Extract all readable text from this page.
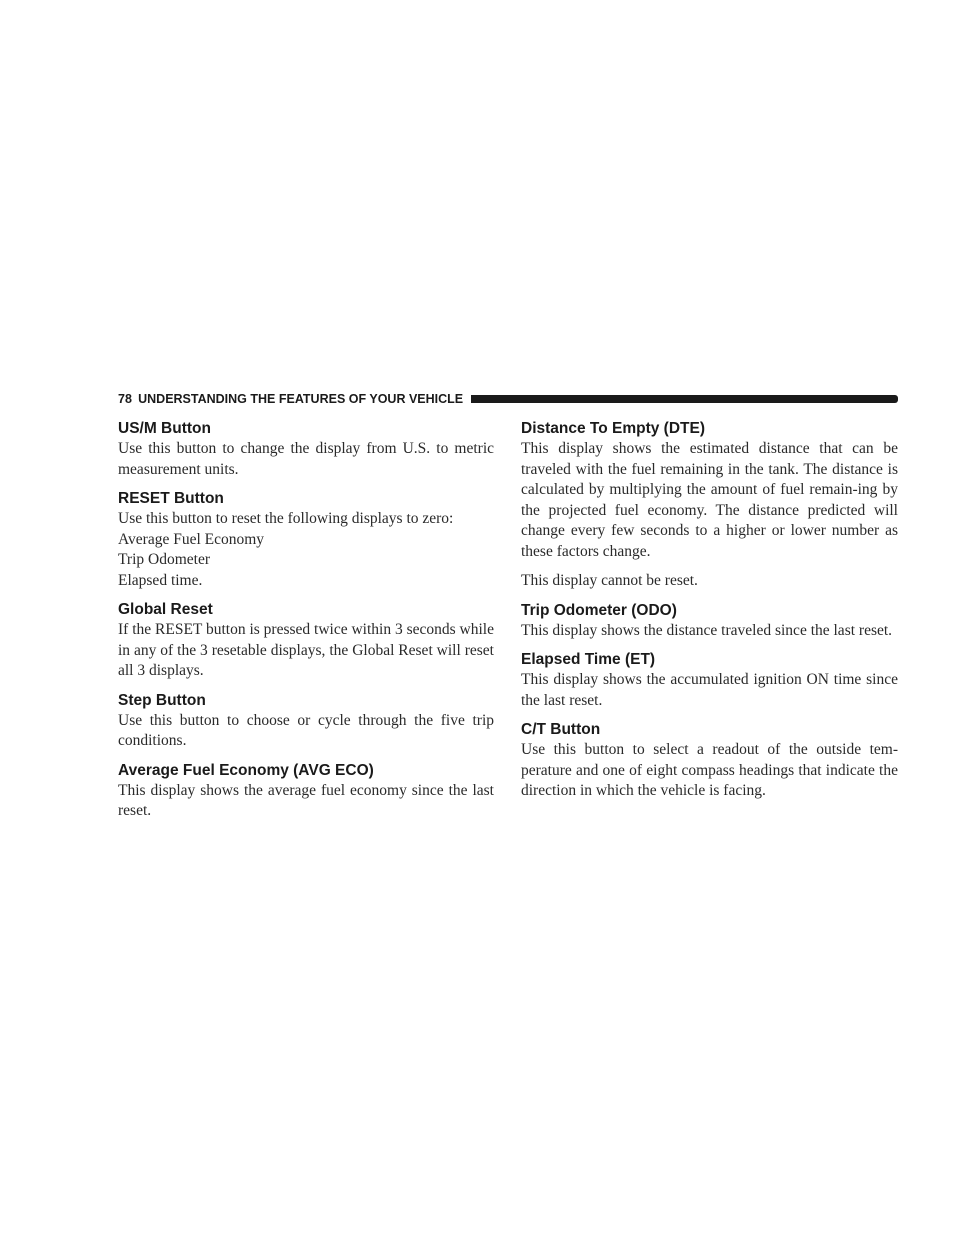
78 UNDERSTANDING THE FEATURES OF YOUR VEHICLE
US/M Button

Use this button to change the display from U.S. to metric measurement units.

RESET Button
Use this button to reset the following displays to zero:
Average Fuel Economy
Trip Odometer
Elapsed time.
Global Reset

If the RESET button is pressed twice within 3 seconds while in any of the 3 resetable displays, the Global Reset will reset all 3 displays.

Step Button

Use this button to choose or cycle through the five trip conditions.

Average Fuel Economy (AVG ECO)

This display shows the average fuel economy since the last reset.

Distance To Empty (DTE)

This display shows the estimated distance that can be traveled with the fuel remaining in the tank. The distance is calculated by multiplying the amount of fuel remain-ing by the projected fuel economy. The distance predicted will change every few seconds to a higher or lower number as these factors change.

This display cannot be reset.

Trip Odometer (ODO)

This display shows the distance traveled since the last reset.

Elapsed Time (ET)

This display shows the accumulated ignition ON time since the last reset.

C/T Button

Use this button to select a readout of the outside tem-perature and one of eight compass headings that indicate the direction in which the vehicle is facing.
